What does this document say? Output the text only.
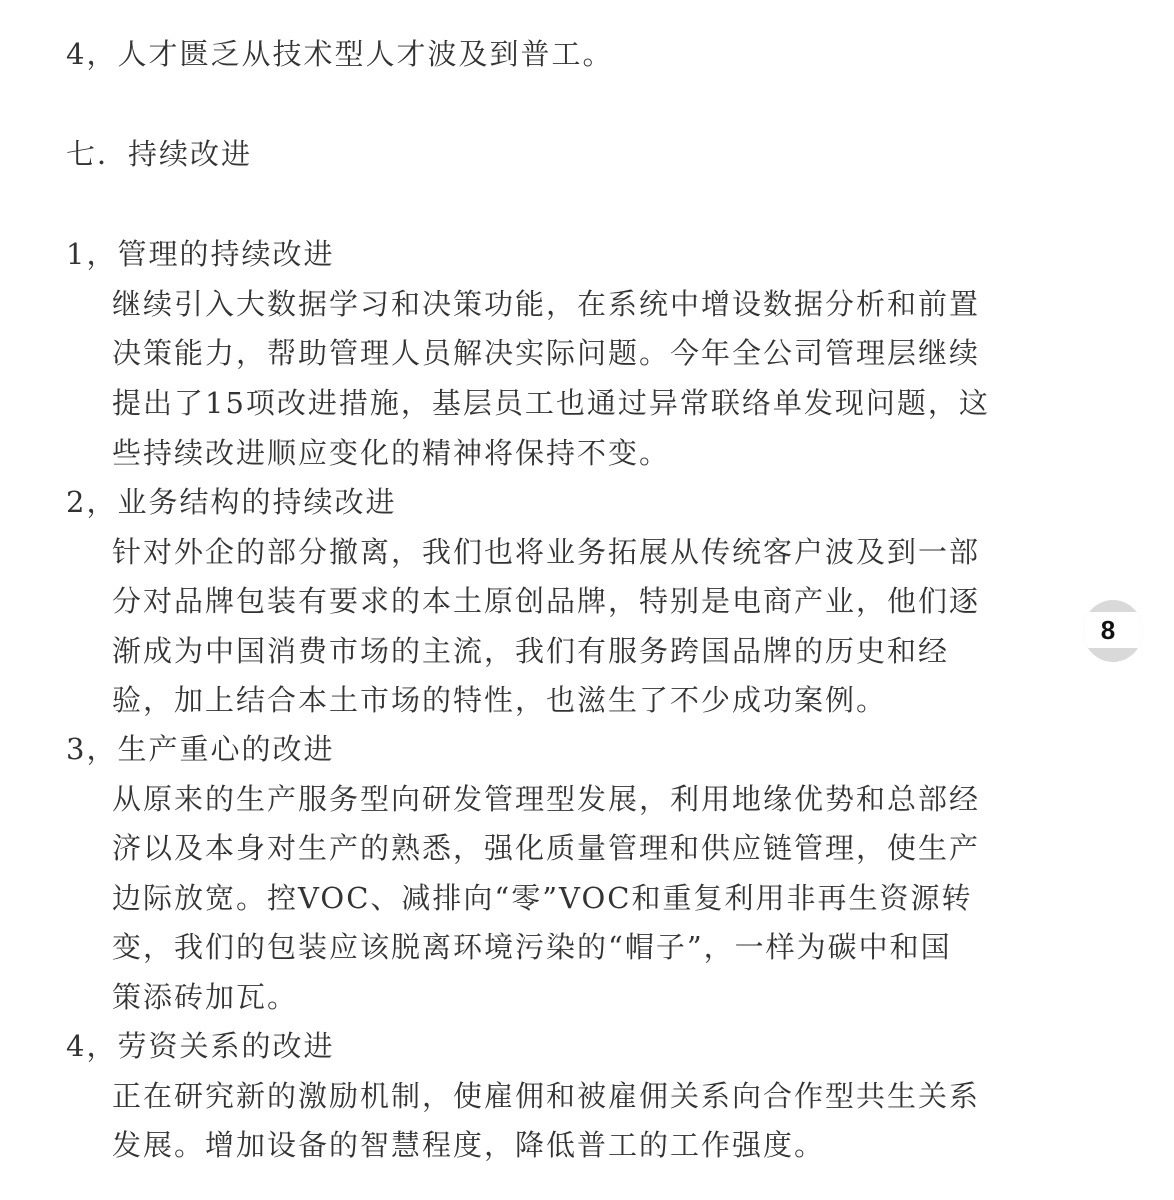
4，人才匮乏从技术型人才波及到普工。
七．持续改进
1，管理的持续改进
继续引入大数据学习和决策功能，在系统中增设数据分析和前置
决策能力，帮助管理人员解决实际问题。今年全公司管理层继续
提出了15项改进措施，基层员工也通过异常联络单发现问题，这
些持续改进顺应变化的精神将保持不变。
2，业务结构的持续改进
针对外企的部分撤离，我们也将业务拓展从传统客户波及到一部
分对品牌包装有要求的本土原创品牌，特别是电商产业，他们逐
渐成为中国消费市场的主流，我们有服务跨国品牌的历史和经
验，加上结合本土市场的特性，也滋生了不少成功案例。
3，生产重心的改进
从原来的生产服务型向研发管理型发展，利用地缘优势和总部经
济以及本身对生产的熟悉，强化质量管理和供应链管理，使生产
边际放宽。控VOC、减排向“零”VOC和重复利用非再生资源转
变，我们的包装应该脱离环境污染的“帽子”，一样为碳中和国
策添砖加瓦。
4，劳资关系的改进
正在研究新的激励机制，使雇佣和被雇佣关系向合作型共生关系
发展。增加设备的智慧程度，降低普工的工作强度。
8
